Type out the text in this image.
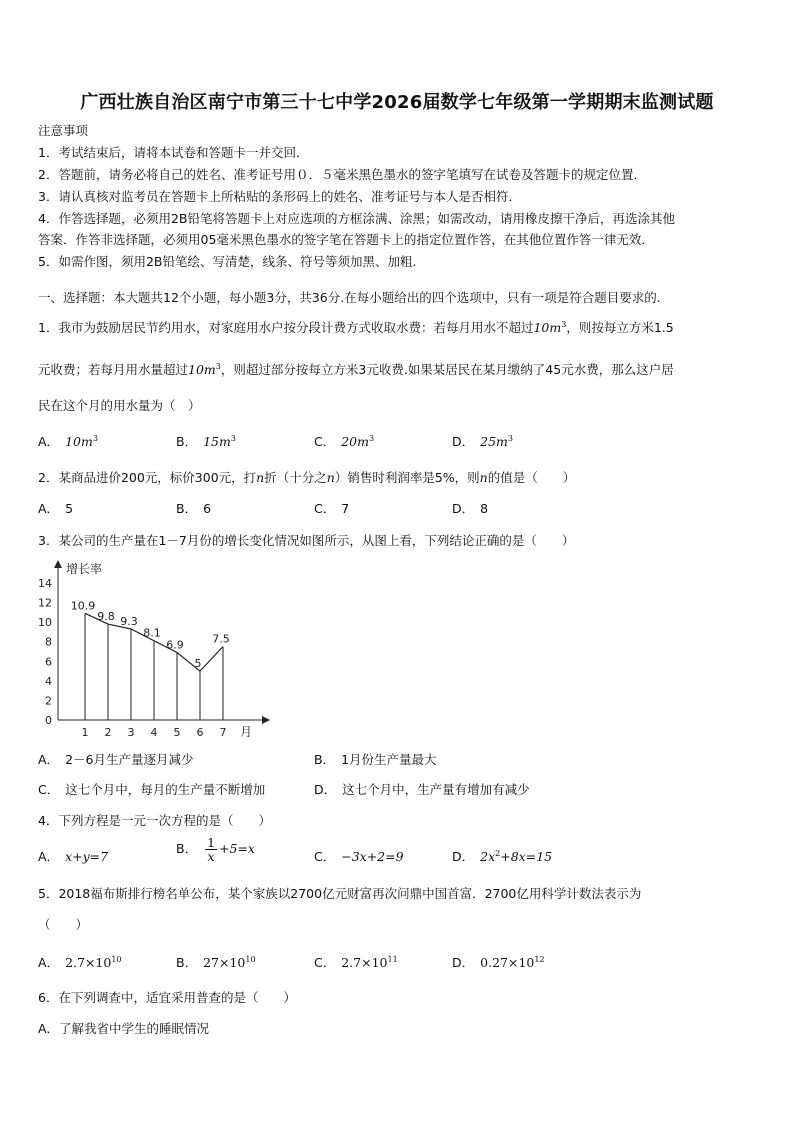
广西壮族自治区南宁市第三十七中学2026届数学七年级第一学期期末监测试题
注意事项
1．考试结束后，请将本试卷和答题卡一并交回．
2．答题前，请务必将自己的姓名、准考证号用０．５毫米黑色墨水的签字笔填写在试卷及答题卡的规定位置．
3．请认真核对监考员在答题卡上所粘贴的条形码上的姓名、准考证号与本人是否相符．
4．作答选择题，必须用2B铅笔将答题卡上对应选项的方框涂满、涂黑；如需改动，请用橡皮擦干净后，再选涂其他
答案．作答非选择题，必须用05毫米黑色墨水的签字笔在答题卡上的指定位置作答，在其他位置作答一律无效．
5．如需作图，须用2B铅笔绘、写清楚，线条、符号等须加黑、加粗．
一、选择题：本大题共12个小题，每小题3分，共36分.在每小题给出的四个选项中，只有一项是符合题目要求的.
1．我市为鼓励居民节约用水，对家庭用水户按分段计费方式收取水费：若每月用水不超过$10m^3$，则按每立方米1.5
元收费；若每月用水量超过$10m^3$，则超过部分按每立方米3元收费.如果某居民在某月缴纳了45元水费，那么这户居
民在这个月的用水量为（　）
A． $10m^3$	B． $15m^3$	C． $20m^3$	D． $25m^3$
2．某商品进价200元，标价300元，打n折（十分之n）销售时利润率是5%，则n的值是（　　）
A． 5	B． 6	C． 7	D． 8
3．某公司的生产量在1－7月份的增长变化情况如图所示，从图上看，下列结论正确的是（　　）
增长率
月
0
2
4
6
8
10
12
14
1 2 3 4 5 6 7
10.9
9.8 9.3
8.1
6.9
5
7.5
A． 2－6月生产量逐月减少	B． 1月份生产量最大
C． 这七个月中，每月的生产量不断增加	D． 这七个月中，生产量有增加有减少
4．下列方程是一元一次方程的是（　　）
A． x+y=7
B． $\frac{1}{x} +5=x$
C． −3x+2=9	D． $2x^2+8x=15$
5．2018福布斯排行榜名单公布，某个家族以2700亿元财富再次问鼎中国首富．2700亿用科学计数法表示为
（　　）
A． $2.7\times 10^{10}$	B． $27\times 10^{10}$	C． $2.7\times 10^{11}$	D． $0.27\times 10^{12}$
6．在下列调查中，适宜采用普查的是（　　）
A．了解我省中学生的睡眠情况
